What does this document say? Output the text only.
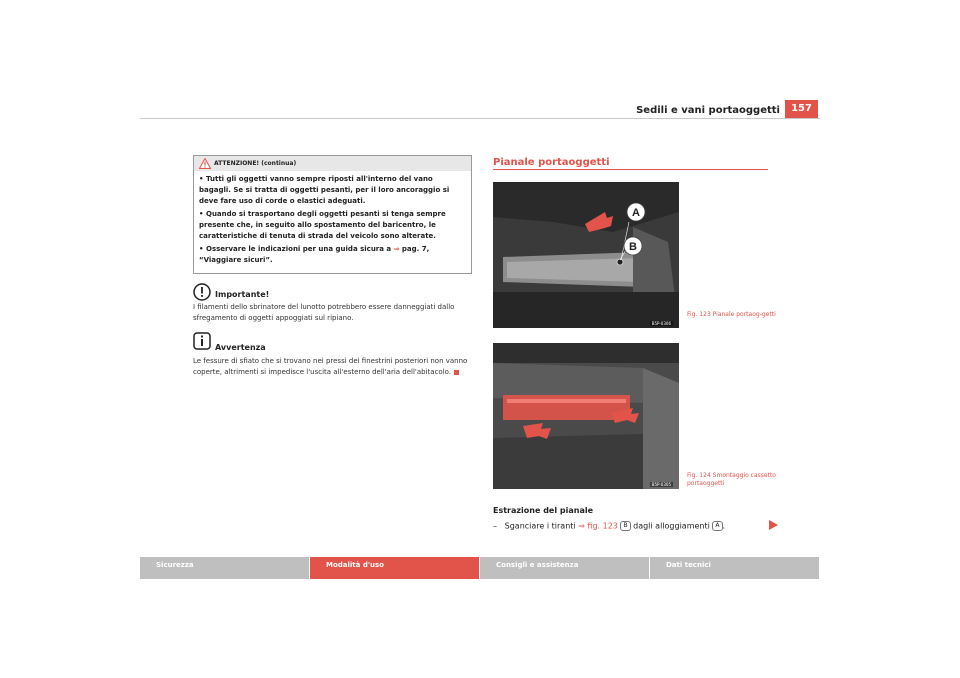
Sedili e vani portaoggetti	157
ATTENZIONE! (continua)
• Tutti gli oggetti vanno sempre riposti all'interno del vano bagagli. Se si tratta di oggetti pesanti, per il loro ancoraggio si deve fare uso di corde o elastici adeguati.
• Quando si trasportano degli oggetti pesanti si tenga sempre presente che, in seguito allo spostamento del baricentro, le caratteristiche di tenuta di strada del veicolo sono alterate.
• Osservare le indicazioni per una guida sicura a ⇒ pag. 7, “Viaggiare sicuri”.
Importante!
I filamenti dello sbrinatore del lunotto potrebbero essere danneggiati dallo sfregamento di oggetti appoggiati sul ripiano.
Avvertenza
Le fessure di sfiato che si trovano nei pressi dei finestrini posteriori non vanno coperte, altrimenti si impedisce l'uscita all'esterno dell'aria dell'abitacolo.
Pianale portaoggetti
A
B
B5P-0306
Fig. 123 Pianale portaog-getti
B5P-0305
Fig. 124 Smontaggio cassetto portaoggetti
Estrazione del pianale
– Sganciare i tiranti ⇒ fig. 123 B dagli alloggiamenti A .
Sicurezza	Modalità d'uso	Consigli e assistenza	Dati tecnici
